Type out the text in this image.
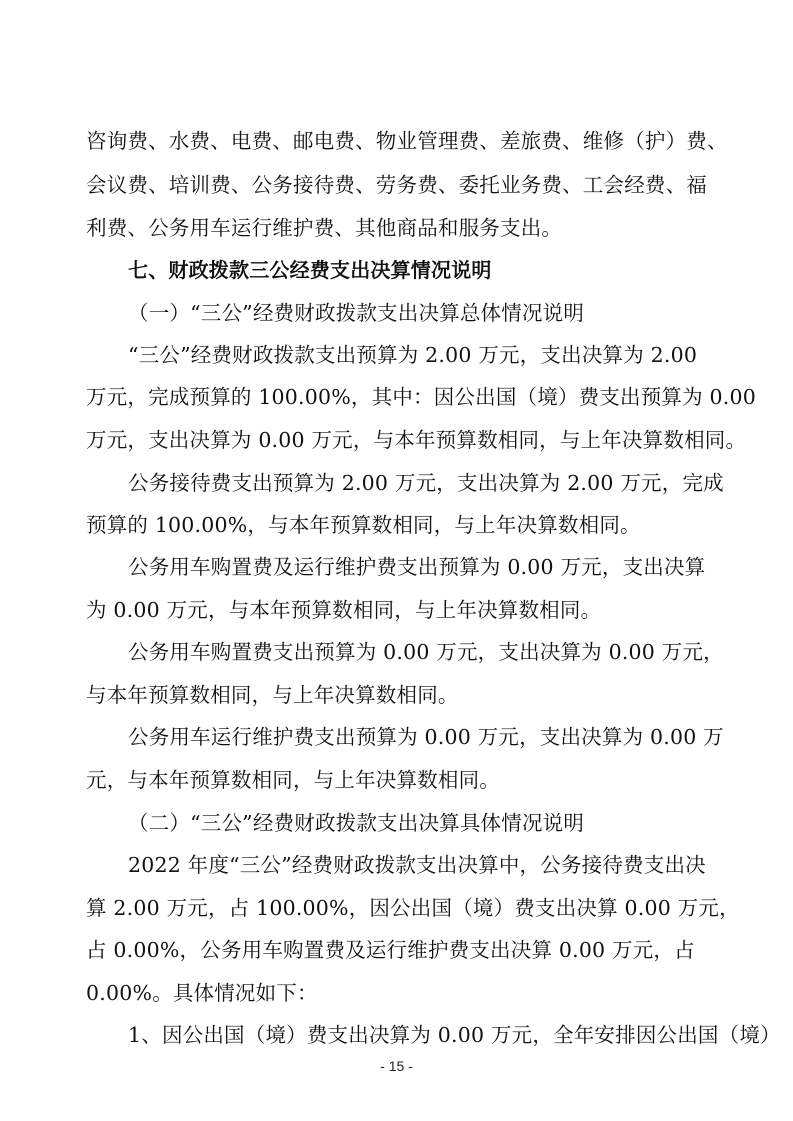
咨询费、水费、电费、邮电费、物业管理费、差旅费、维修（护）费、
会议费、培训费、公务接待费、劳务费、委托业务费、工会经费、福
利费、公务用车运行维护费、其他商品和服务支出。
七、财政拨款三公经费支出决算情况说明
（一）“三公”经费财政拨款支出决算总体情况说明
“三公”经费财政拨款支出预算为 2.00 万元，支出决算为 2.00
万元，完成预算的 100.00%，其中：因公出国（境）费支出预算为 0.00
万元，支出决算为 0.00 万元，与本年预算数相同，与上年决算数相同。
公务接待费支出预算为 2.00 万元，支出决算为 2.00 万元，完成
预算的 100.00%，与本年预算数相同，与上年决算数相同。
公务用车购置费及运行维护费支出预算为 0.00 万元，支出决算
为 0.00 万元，与本年预算数相同，与上年决算数相同。
公务用车购置费支出预算为 0.00 万元，支出决算为 0.00 万元，
与本年预算数相同，与上年决算数相同。
公务用车运行维护费支出预算为 0.00 万元，支出决算为 0.00 万
元，与本年预算数相同，与上年决算数相同。
（二）“三公”经费财政拨款支出决算具体情况说明
2022 年度“三公”经费财政拨款支出决算中，公务接待费支出决
算 2.00 万元，占 100.00%，因公出国（境）费支出决算 0.00 万元，
占 0.00%，公务用车购置费及运行维护费支出决算 0.00 万元，占
0.00%。具体情况如下：
1、因公出国（境）费支出决算为 0.00 万元，全年安排因公出国（境）
- 15 -
